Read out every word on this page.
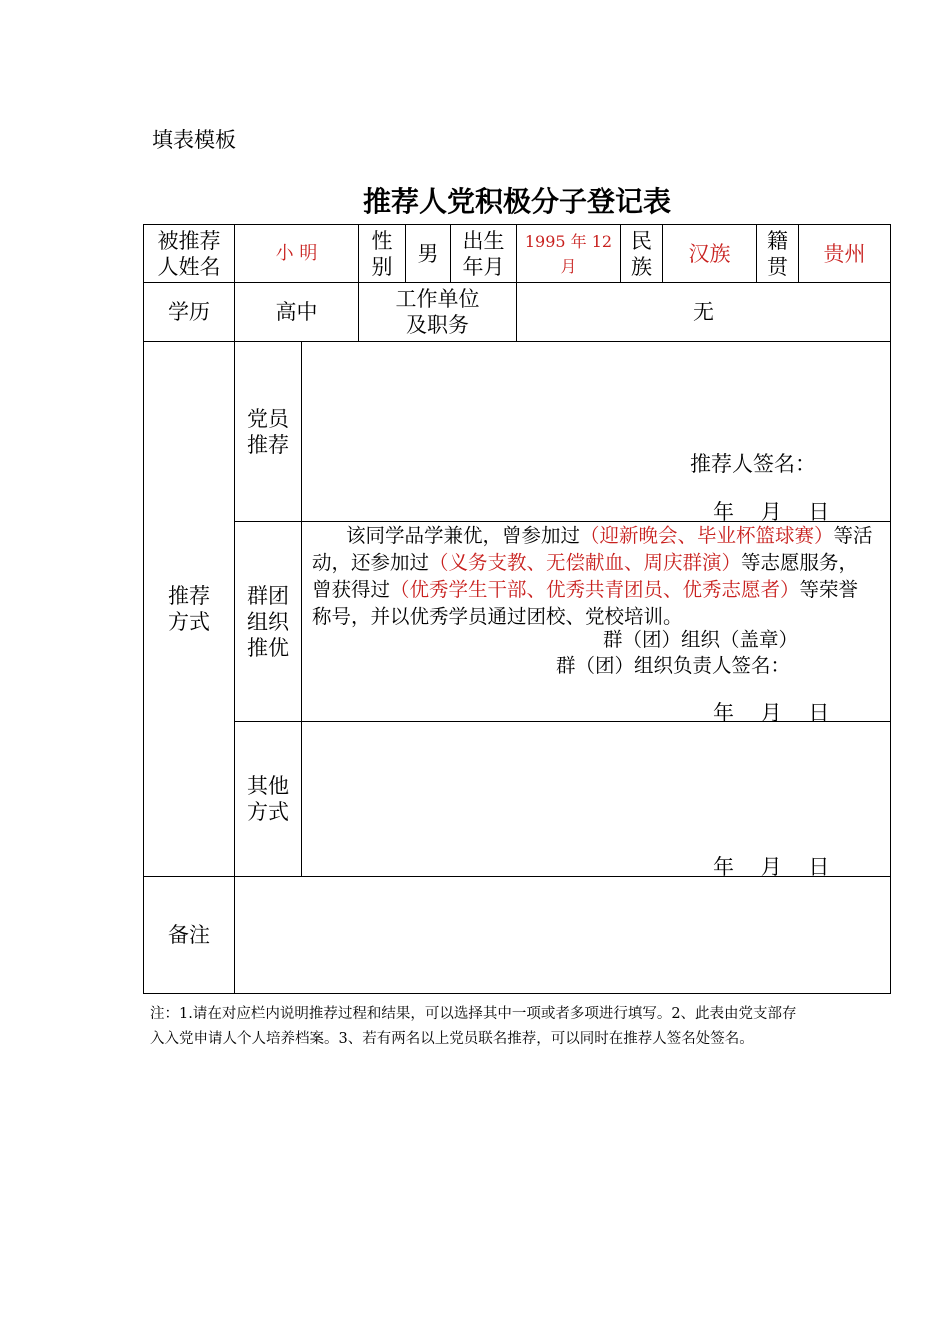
填表模板
推荐人党积极分子登记表
被推荐
人姓名
小 明
性
别
男
出生
年月
1995 年 12
月
民
族
汉族
籍
贯
贵州
学历	高中
工作单位
及职务
无
推荐
方式
党员
推荐
推荐人签名：
年    月    日
群团
组织
推优
该同学品学兼优，曾参加过（迎新晚会、毕业杯篮球赛）等活动，还参加过（义务支教、无偿献血、周庆群演）等志愿服务，曾获得过（优秀学生干部、优秀共青团员、优秀志愿者）等荣誉称号，并以优秀学员通过团校、党校培训。
群（团）组织（盖章）
群（团）组织负责人签名：
年    月    日
其他
方式
年    月    日
备注
注：1.请在对应栏内说明推荐过程和结果，可以选择其中一项或者多项进行填写。2、此表由党支部存
入入党申请人个人培养档案。3、若有两名以上党员联名推荐，可以同时在推荐人签名处签名。
